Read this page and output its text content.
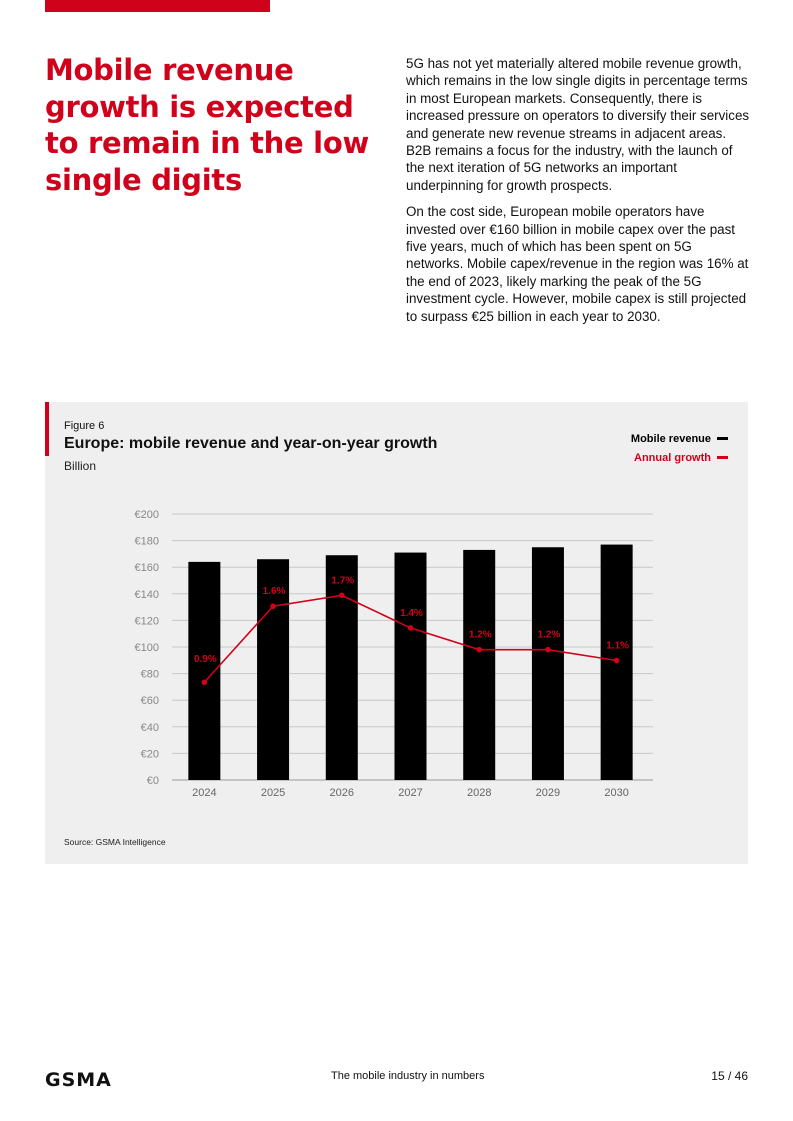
Mobile revenue growth is expected to remain in the low single digits

5G has not yet materially altered mobile revenue growth, which remains in the low single digits in percentage terms in most European markets. Consequently, there is increased pressure on operators to diversify their services and generate new revenue streams in adjacent areas. B2B remains a focus for the industry, with the launch of the next iteration of 5G networks an important underpinning for growth prospects.

On the cost side, European mobile operators have invested over €160 billion in mobile capex over the past five years, much of which has been spent on 5G networks. Mobile capex/revenue in the region was 16% at the end of 2023, likely marking the peak of the 5G investment cycle. However, mobile capex is still projected to surpass €25 billion in each year to 2030.

Figure 6
Europe: mobile revenue and year-on-year growth
Billion
Mobile revenue
Annual growth
€0
€20
€40
€60
€80
€100
€120
€140
€160
€180
€200
2024	2025	2026	2027	2028	2029	2030
0.9%
1.6%
1.7%
1.4%
1.2%	1.2%
1.1%
Source: GSMA Intelligence
GSMA	The mobile industry in numbers	15 / 46
